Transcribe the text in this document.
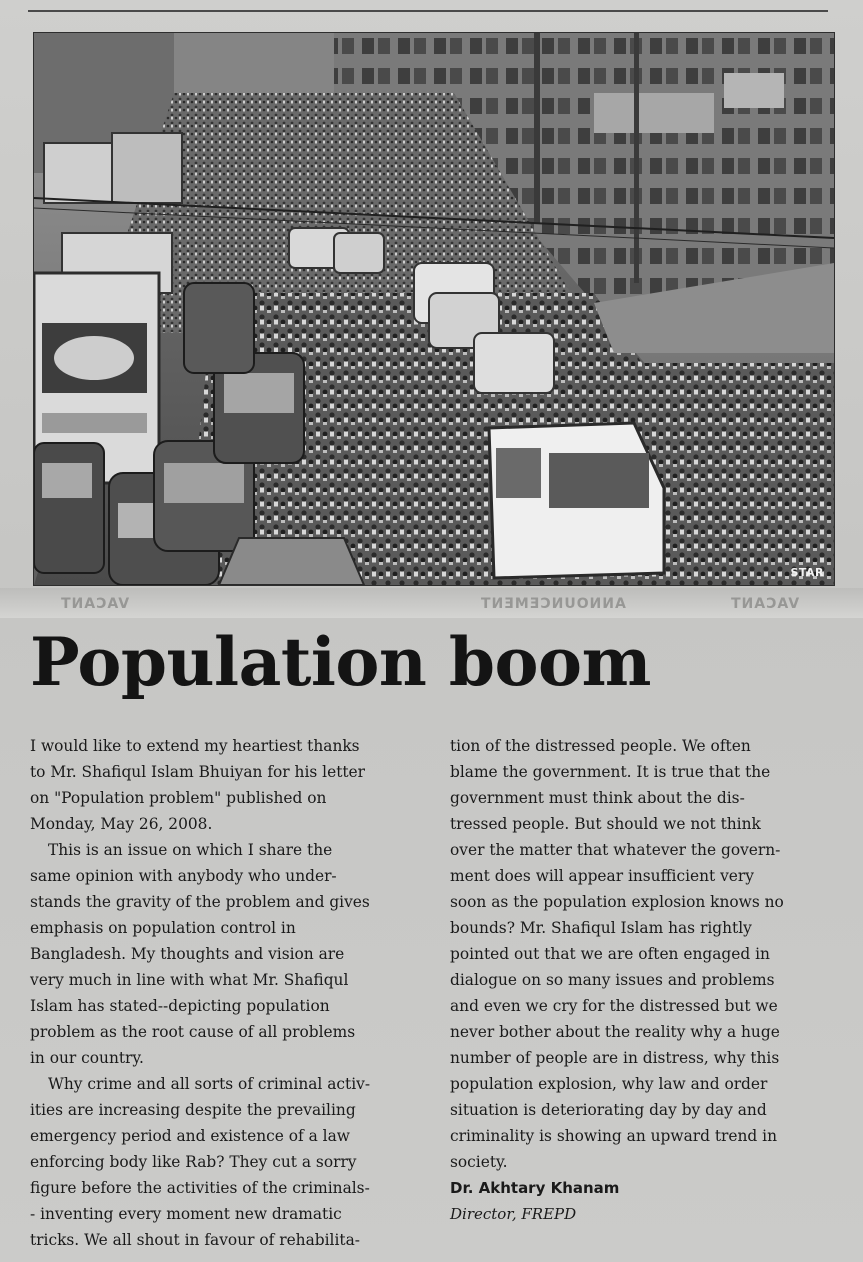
STAR
VACANT	ANNOUNCEMENT	VACANT
Population boom
I would like to extend my heartiest thanks
to Mr. Shafiqul Islam Bhuiyan for his letter
on "Population problem" published on
Monday, May 26, 2008.
This is an issue on which I share the
same opinion with anybody who under-
stands the gravity of the problem and gives
emphasis on population control in
Bangladesh. My thoughts and vision are
very much in line with what Mr. Shafiqul
Islam has stated--depicting population
problem as the root cause of all problems
in our country.
Why crime and all sorts of criminal activ-
ities are increasing despite the prevailing
emergency period and existence of a law
enforcing body like Rab? They cut a sorry
figure before the activities of the criminals-
- inventing every moment new dramatic
tricks. We all shout in favour of rehabilita-
tion of the distressed people. We often
blame the government. It is true that the
government must think about the dis-
tressed people. But should we not think
over the matter that whatever the govern-
ment does will appear insufficient very
soon as the population explosion knows no
bounds? Mr. Shafiqul Islam has rightly
pointed out that we are often engaged in
dialogue on so many issues and problems
and even we cry for the distressed but we
never bother about the reality why a huge
number of people are in distress, why this
population explosion, why law and order
situation is deteriorating day by day and
criminality is showing an upward trend in
society.
Dr. Akhtary Khanam
Director, FREPD
